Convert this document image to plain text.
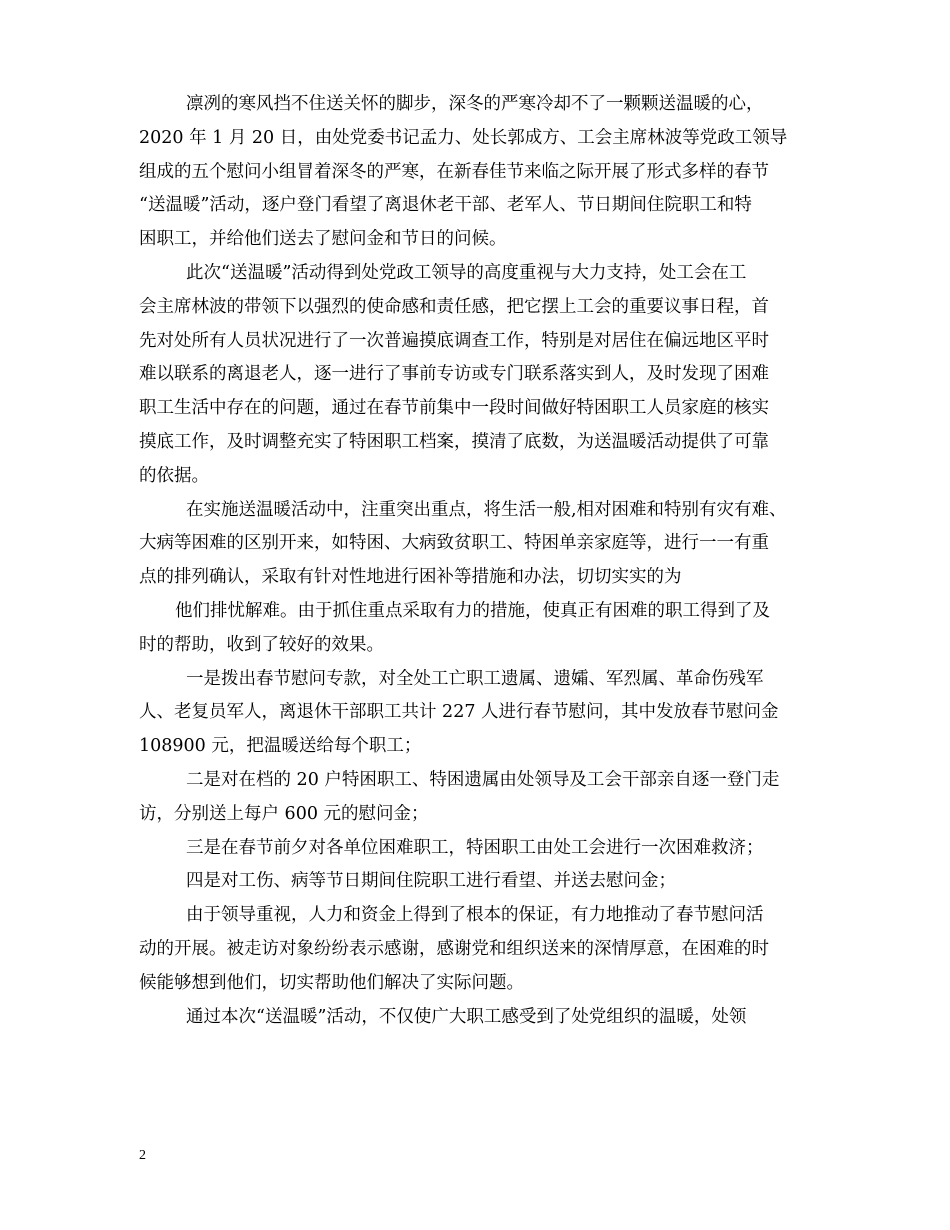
凛冽的寒风挡不住送关怀的脚步，深冬的严寒冷却不了一颗颗送温暖的心，
2020 年 1 月 20 日，由处党委书记孟力、处长郭成方、工会主席林波等党政工领导
组成的五个慰问小组冒着深冬的严寒，在新春佳节来临之际开展了形式多样的春节
“送温暖”活动，逐户登门看望了离退休老干部、老军人、节日期间住院职工和特
困职工，并给他们送去了慰问金和节日的问候。
此次“送温暖”活动得到处党政工领导的高度重视与大力支持，处工会在工
会主席林波的带领下以强烈的使命感和责任感，把它摆上工会的重要议事日程，首
先对处所有人员状况进行了一次普遍摸底调查工作，特别是对居住在偏远地区平时
难以联系的离退老人，逐一进行了事前专访或专门联系落实到人，及时发现了困难
职工生活中存在的问题，通过在春节前集中一段时间做好特困职工人员家庭的核实
摸底工作，及时调整充实了特困职工档案，摸清了底数，为送温暖活动提供了可靠
的依据。
在实施送温暖活动中，注重突出重点，将生活一般,相对困难和特别有灾有难、
大病等困难的区别开来，如特困、大病致贫职工、特困单亲家庭等，进行一一有重
点的排列确认，采取有针对性地进行困补等措施和办法，切切实实的为
他们排忧解难。由于抓住重点采取有力的措施，使真正有困难的职工得到了及
时的帮助，收到了较好的效果。
一是拨出春节慰问专款，对全处工亡职工遗属、遗孀、军烈属、革命伤残军
人、老复员军人，离退休干部职工共计 227 人进行春节慰问，其中发放春节慰问金
108900 元，把温暖送给每个职工；
二是对在档的 20 户特困职工、特困遗属由处领导及工会干部亲自逐一登门走
访，分别送上每户 600 元的慰问金；
三是在春节前夕对各单位困难职工，特困职工由处工会进行一次困难救济；
四是对工伤、病等节日期间住院职工进行看望、并送去慰问金；
由于领导重视，人力和资金上得到了根本的保证，有力地推动了春节慰问活
动的开展。被走访对象纷纷表示感谢，感谢党和组织送来的深情厚意，在困难的时
候能够想到他们，切实帮助他们解决了实际问题。
通过本次“送温暖”活动，不仅使广大职工感受到了处党组织的温暖，处领
2
